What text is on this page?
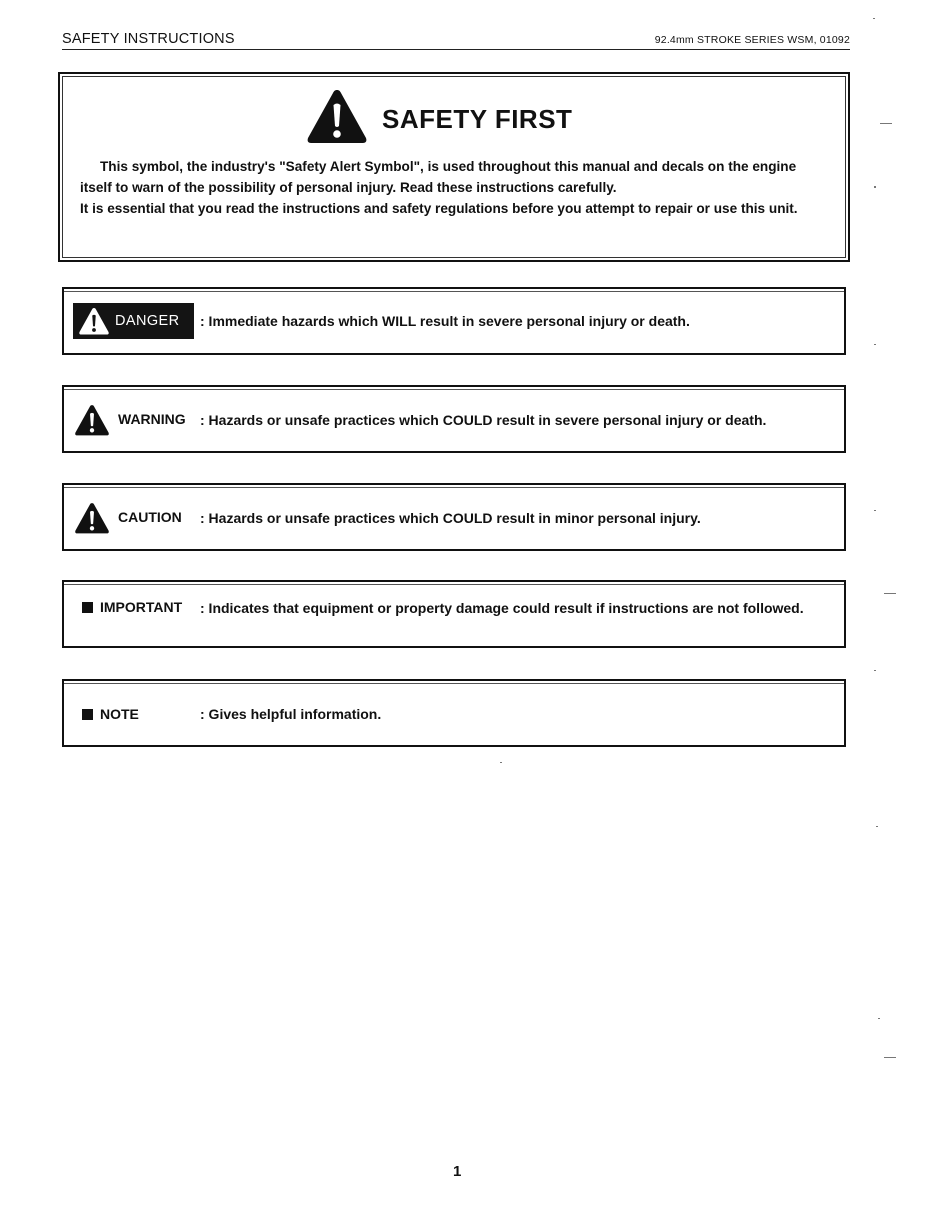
SAFETY INSTRUCTIONS	92.4mm STROKE SERIES WSM, 01092
SAFETY FIRST

This symbol, the industry's "Safety Alert Symbol", is used throughout this manual and decals on the engine itself to warn of the possibility of personal injury. Read these instructions carefully.

It is essential that you read the instructions and safety regulations before you attempt to repair or use this unit.

DANGER : Immediate hazards which WILL result in severe personal injury or death.
WARNING : Hazards or unsafe practices which COULD result in severe personal injury or death.
CAUTION : Hazards or unsafe practices which COULD result in minor personal injury.
IMPORTANT : Indicates that equipment or property damage could result if instructions are not followed.
NOTE	: Gives helpful information.
1
